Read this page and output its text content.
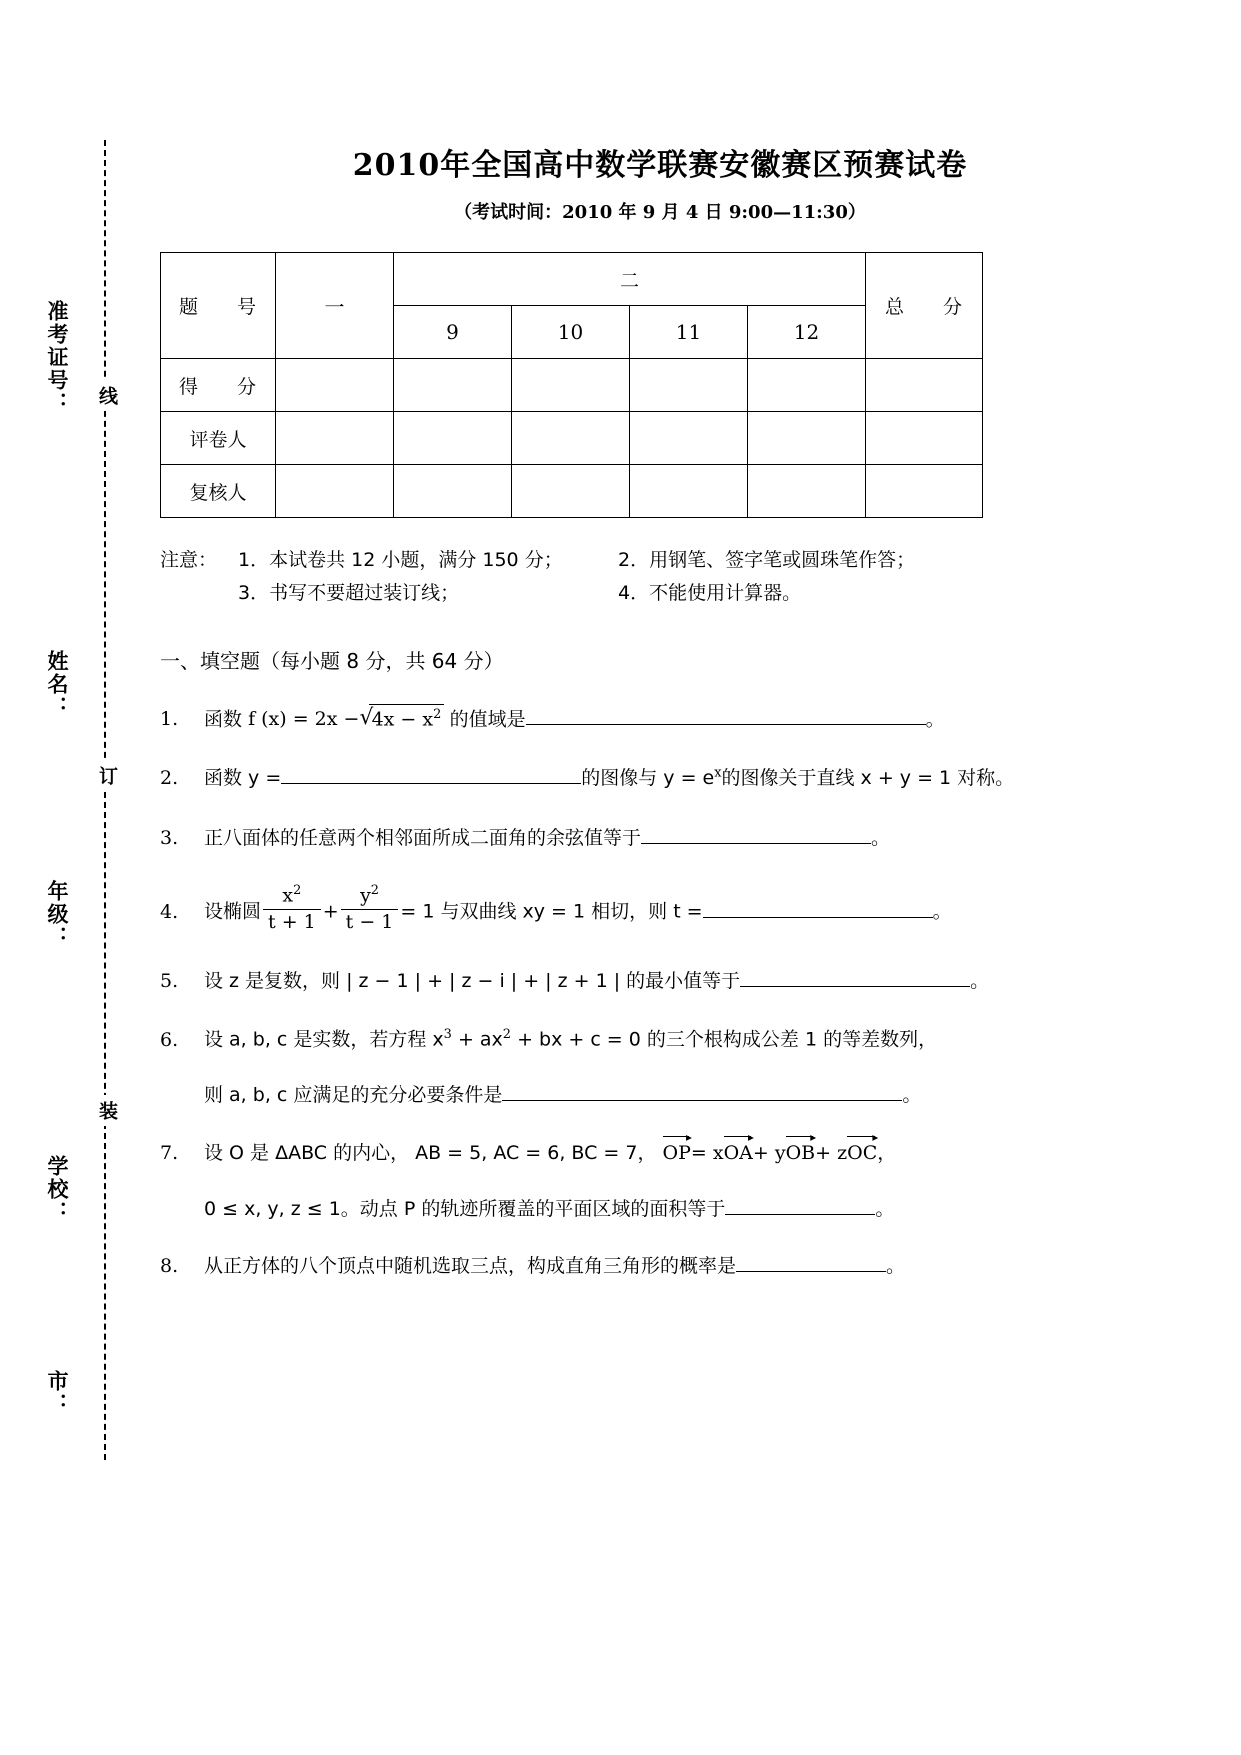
准考证号：
姓名：
年级：
学校：
市：
线
订
装
2010年全国高中数学联赛安徽赛区预赛试卷
（考试时间：2010 年 9 月 4 日 9:00—11:30）
题　号	一	二				总　分
		9	10	11	12	
得　分						
评卷人						
复核人						
注意：	1．本试卷共 12 小题，满分 150 分；	2．用钢笔、签字笔或圆珠笔作答；
3．书写不要超过装订线；	4．不能使用计算器。
一、填空题（每小题 8 分，共 64 分）
1.	函数 f (x) = 2x − √ $4x - x^2$ 的值域是	。
2.	函数 y =	的图像与 $y = e^x$的图像关于直线 x + y = 1 对称。
3.	正八面体的任意两个相邻面所成二面角的余弦值等于	。
4.	设椭圆 $\frac{x^2}{t + 1} + \frac{y^2}{t - 1} = 1$ 与双曲线 xy = 1 相切，则 t =	。
5.	设 z 是复数，则 | z − 1 | + | z − i | + | z + 1 | 的最小值等于	。
6.	设 a, b, c 是实数，若方程 $x^3 + ax^2$ + bx + c = 0 的三个根构成公差 1 的等差数列，
则 a, b, c 应满足的充分必要条件是	。
7.	设 O 是 ΔABC 的内心， AB = 5, AC = 6, BC = 7，
▸
OP= x
▸
OA+ y
▸
OB+ z
▸
OC，
0 ≤ x, y, z ≤ 1。动点 P 的轨迹所覆盖的平面区域的面积等于	。
8.	从正方体的八个顶点中随机选取三点，构成直角三角形的概率是	。
